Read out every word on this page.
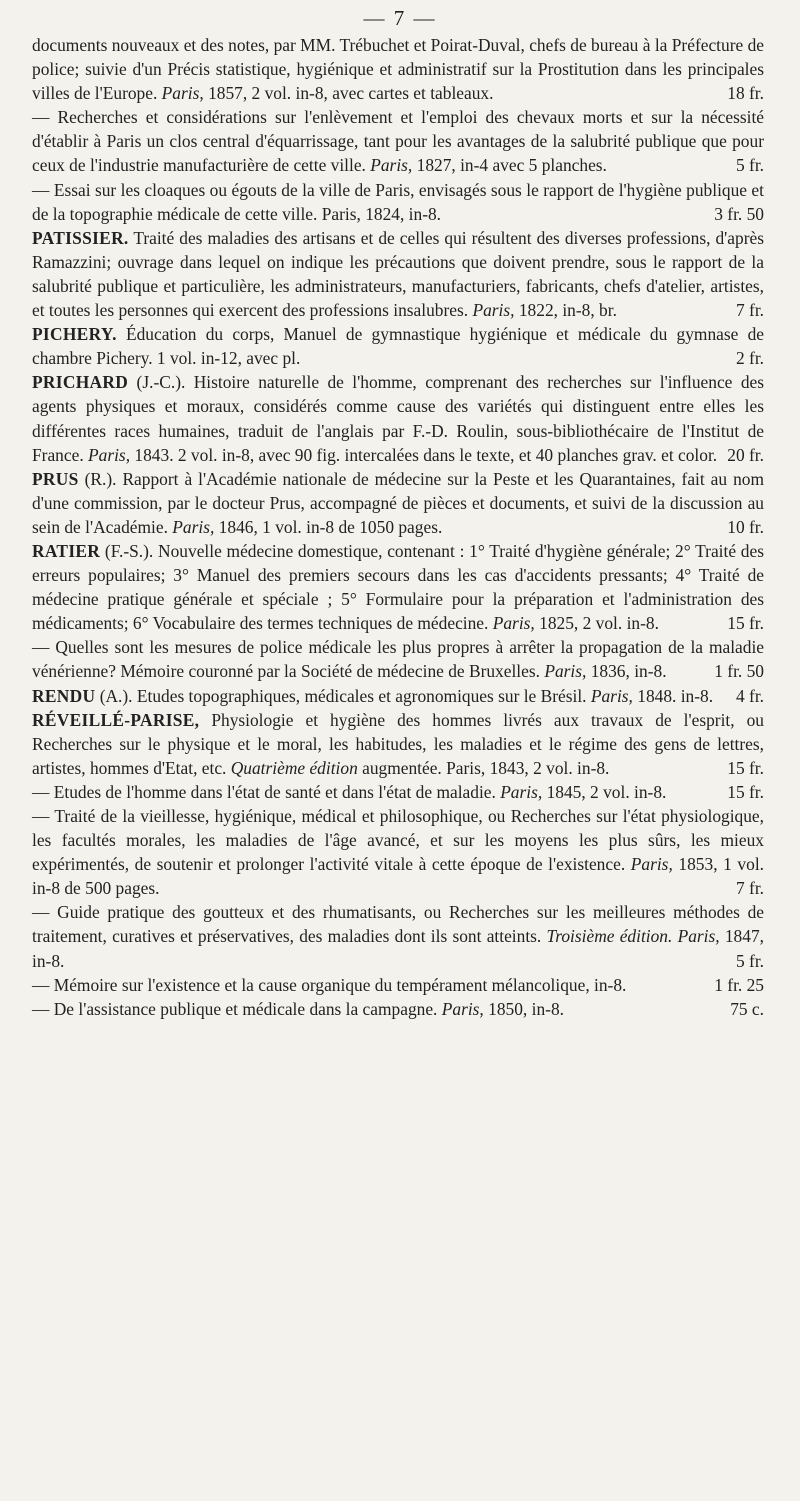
— 7 —

documents nouveaux et des notes, par MM. Trébuchet et Poirat-Duval, chefs de bureau à la Préfecture de police; suivie d'un Précis statistique, hygiénique et administratif sur la Prostitution dans les principales villes de l'Europe. Paris, 1857, 2 vol. in-8, avec cartes et tableaux.	18 fr.

— Recherches et considérations sur l'enlèvement et l'emploi des chevaux morts et sur la nécessité d'établir à Paris un clos central d'équarrissage, tant pour les avantages de la salubrité publique que pour ceux de l'industrie manufacturière de cette ville. Paris, 1827, in-4 avec 5 planches.	5 fr.

— Essai sur les cloaques ou égouts de la ville de Paris, envisagés sous le rapport de l'hygiène publique et de la topographie médicale de cette ville. Paris, 1824, in-8.	3 fr. 50

PATISSIER. Traité des maladies des artisans et de celles qui résultent des diverses professions, d'après Ramazzini; ouvrage dans lequel on indique les précautions que doivent prendre, sous le rapport de la salubrité publique et particulière, les administrateurs, manufacturiers, fabricants, chefs d'atelier, artistes, et toutes les personnes qui exercent des professions insalubres. Paris, 1822, in-8, br.	7 fr.

PICHERY. Éducation du corps, Manuel de gymnastique hygiénique et médicale du gymnase de chambre Pichery. 1 vol. in-12, avec pl.	2 fr.

PRICHARD (J.-C.). Histoire naturelle de l'homme, comprenant des recherches sur l'influence des agents physiques et moraux, considérés comme cause des variétés qui distinguent entre elles les différentes races humaines, traduit de l'anglais par F.-D. Roulin, sous-bibliothécaire de l'Institut de France. Paris, 1843. 2 vol. in-8, avec 90 fig. intercalées dans le texte, et 40 planches grav. et color. 20 fr.

PRUS (R.). Rapport à l'Académie nationale de médecine sur la Peste et les Quarantaines, fait au nom d'une commission, par le docteur Prus, accompagné de pièces et documents, et suivi de la discussion au sein de l'Académie. Paris, 1846, 1 vol. in-8 de 1050 pages.	10 fr.

RATIER (F.-S.). Nouvelle médecine domestique, contenant : 1° Traité d'hygiène générale; 2° Traité des erreurs populaires; 3° Manuel des premiers secours dans les cas d'accidents pressants; 4° Traité de médecine pratique générale et spéciale ; 5° Formulaire pour la préparation et l'administration des médicaments; 6° Vocabulaire des termes techniques de médecine. Paris, 1825, 2 vol. in-8.	15 fr.

— Quelles sont les mesures de police médicale les plus propres à arrêter la propagation de la maladie vénérienne? Mémoire couronné par la Société de médecine de Bruxelles. Paris, 1836, in-8.	1 fr. 50

RENDU (A.). Etudes topographiques, médicales et agronomiques sur le Brésil. Paris, 1848. in-8. 4 fr.

RÉVEILLÉ-PARISE, Physiologie et hygiène des hommes livrés aux travaux de l'esprit, ou Recherches sur le physique et le moral, les habitudes, les maladies et le régime des gens de lettres, artistes, hommes d'Etat, etc. Quatrième édition augmentée. Paris, 1843, 2 vol. in-8.	15 fr.

— Etudes de l'homme dans l'état de santé et dans l'état de maladie. Paris, 1845, 2 vol. in-8.	15 fr.

— Traité de la vieillesse, hygiénique, médical et philosophique, ou Recherches sur l'état physiologique, les facultés morales, les maladies de l'âge avancé, et sur les moyens les plus sûrs, les mieux expérimentés, de soutenir et prolonger l'activité vitale à cette époque de l'existence. Paris, 1853, 1 vol. in-8 de 500 pages.	7 fr.

— Guide pratique des goutteux et des rhumatisants, ou Recherches sur les meilleures méthodes de traitement, curatives et préservatives, des maladies dont ils sont atteints. Troisième édition. Paris, 1847, in-8.	5 fr.

— Mémoire sur l'existence et la cause organique du tempérament mélancolique, in-8.	1 fr. 25

— De l'assistance publique et médicale dans la campagne. Paris, 1850, in-8.	75 c.
